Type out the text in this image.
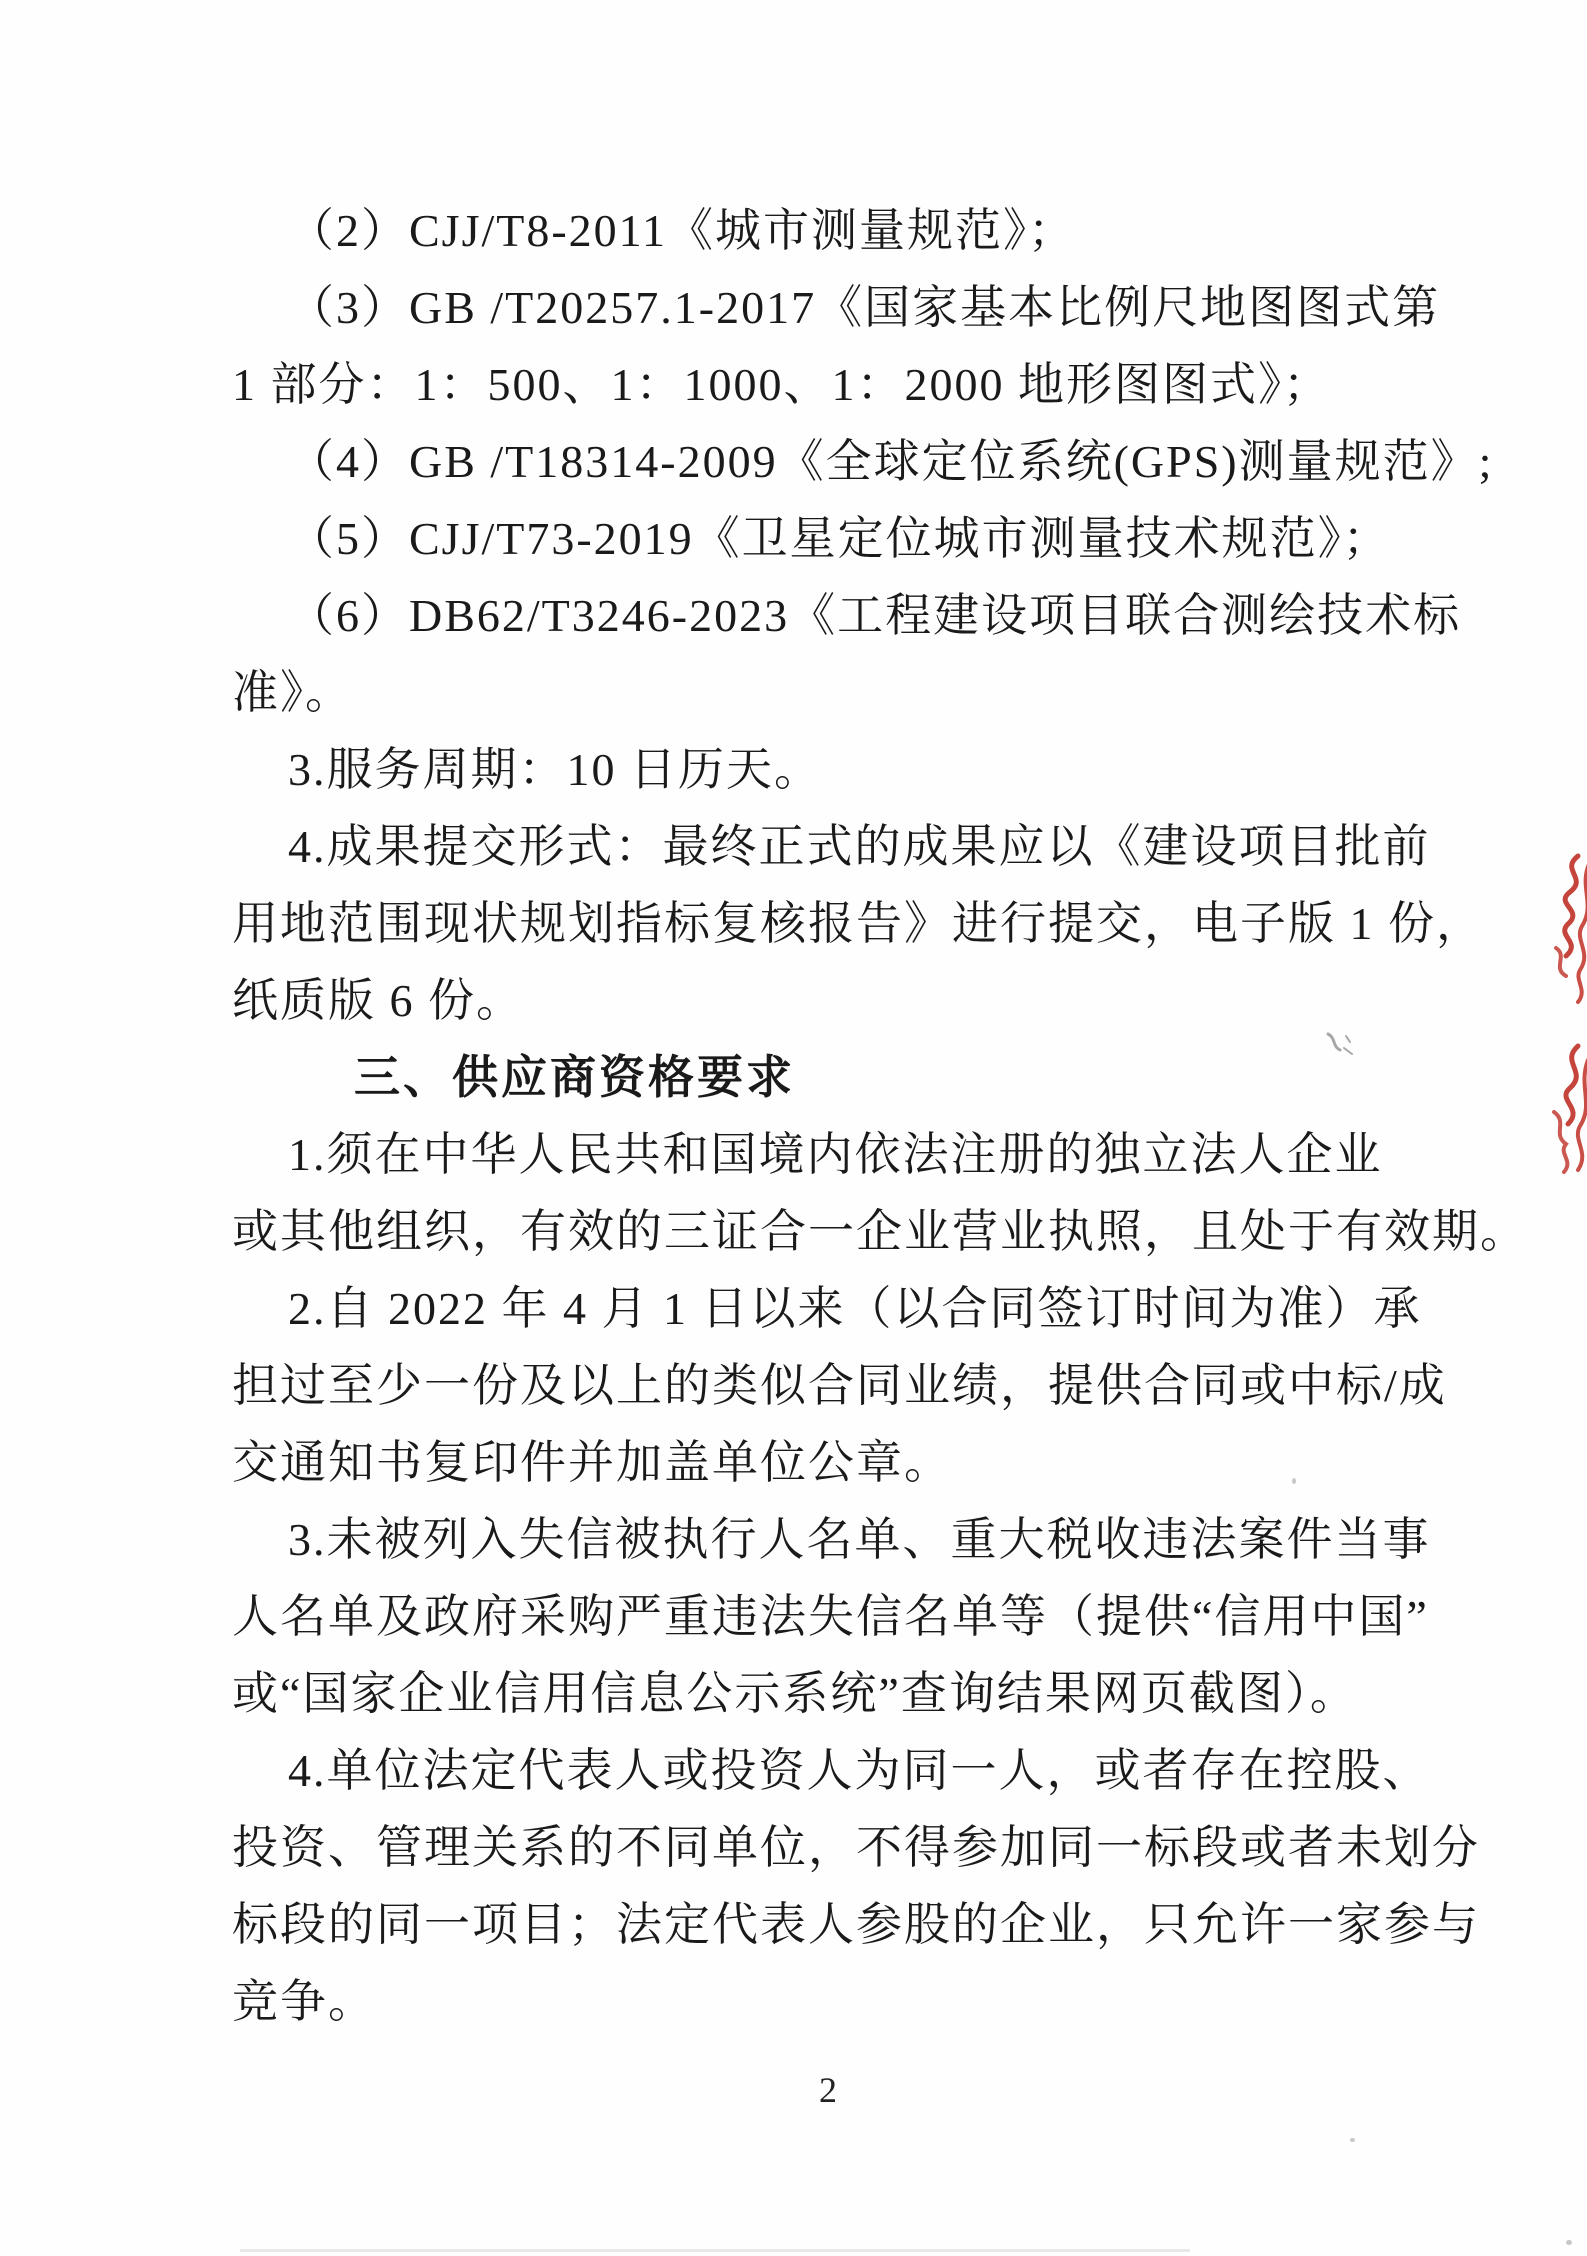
（2）CJJ/T8-2011《城市测量规范》；
（3）GB /T20257.1-2017《国家基本比例尺地图图式第
1 部分：1：500、1：1000、1：2000 地形图图式》；
（4）GB /T18314-2009《全球定位系统(GPS)测量规范》;
（5）CJJ/T73-2019《卫星定位城市测量技术规范》；
（6）DB62/T3246-2023《工程建设项目联合测绘技术标
准》。
3.服务周期：10 日历天。
4.成果提交形式：最终正式的成果应以《建设项目批前
用地范围现状规划指标复核报告》进行提交，电子版 1 份，
纸质版 6 份。
三、供应商资格要求
1.须在中华人民共和国境内依法注册的独立法人企业
或其他组织，有效的三证合一企业营业执照，且处于有效期。
2.自 2022 年 4 月 1 日以来（以合同签订时间为准）承
担过至少一份及以上的类似合同业绩，提供合同或中标/成
交通知书复印件并加盖单位公章。
3.未被列入失信被执行人名单、重大税收违法案件当事
人名单及政府采购严重违法失信名单等（提供“信用中国”
或“国家企业信用信息公示系统”查询结果网页截图）。
4.单位法定代表人或投资人为同一人，或者存在控股、
投资、管理关系的不同单位，不得参加同一标段或者未划分
标段的同一项目；法定代表人参股的企业，只允许一家参与
竞争。
2
